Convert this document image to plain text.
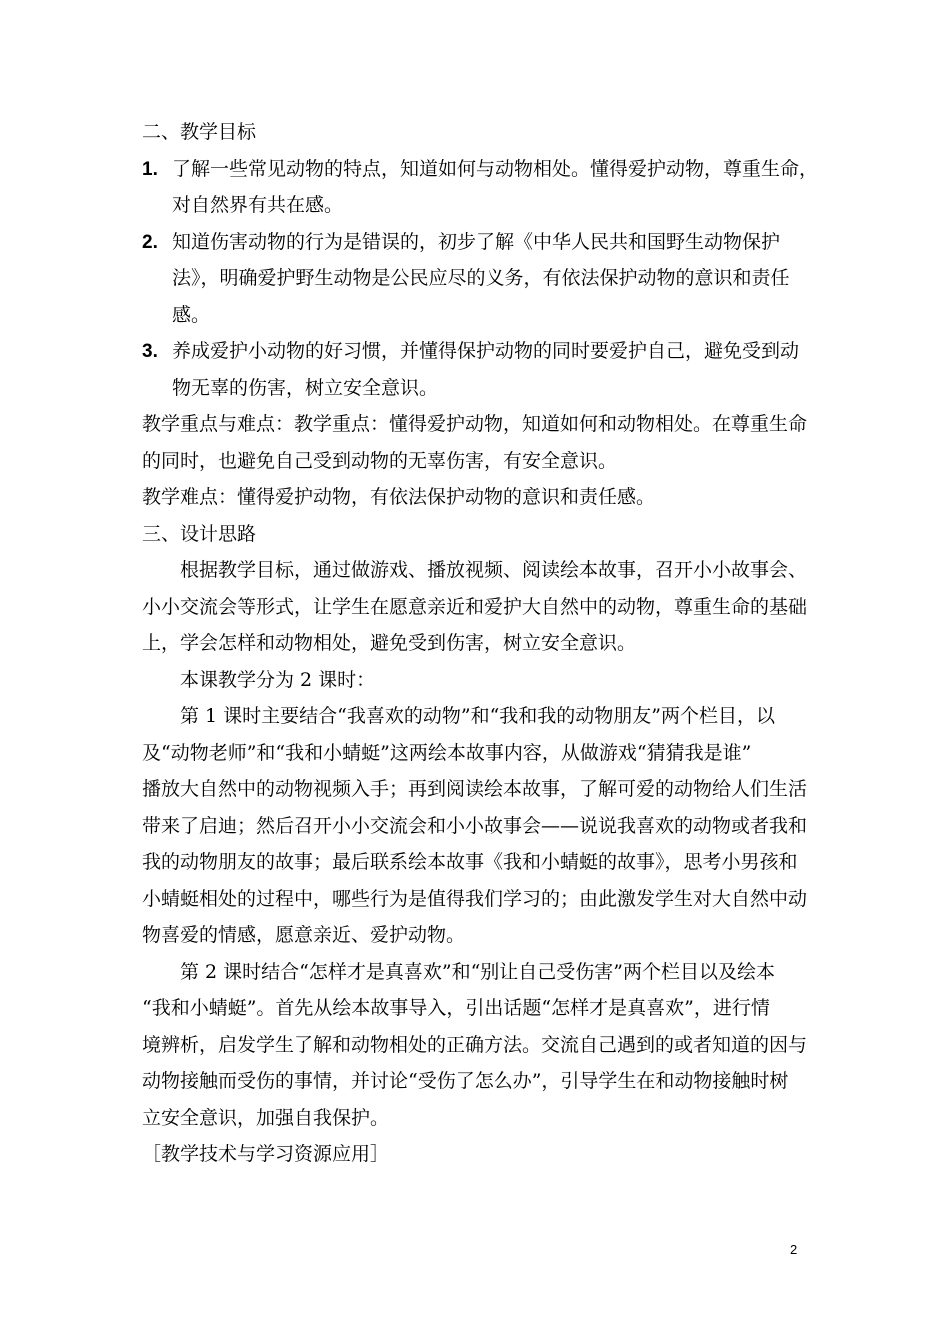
二、教学目标
1. 了解一些常见动物的特点，知道如何与动物相处。懂得爱护动物，尊重生命，
对自然界有共在感。
2. 知道伤害动物的行为是错误的，初步了解《中华人民共和国野生动物保护
法》，明确爱护野生动物是公民应尽的义务，有依法保护动物的意识和责任
感。
3. 养成爱护小动物的好习惯，并懂得保护动物的同时要爱护自己，避免受到动
物无辜的伤害，树立安全意识。
教学重点与难点：教学重点：懂得爱护动物，知道如何和动物相处。在尊重生命
的同时，也避免自己受到动物的无辜伤害，有安全意识。
教学难点：懂得爱护动物，有依法保护动物的意识和责任感。
三、设计思路
根据教学目标，通过做游戏、播放视频、阅读绘本故事，召开小小故事会、
小小交流会等形式，让学生在愿意亲近和爱护大自然中的动物，尊重生命的基础
上，学会怎样和动物相处，避免受到伤害，树立安全意识。
本课教学分为 2 课时：
第 1 课时主要结合“我喜欢的动物”和“我和我的动物朋友”两个栏目，以
及“动物老师”和“我和小蜻蜓”这两绘本故事内容，从做游戏“猜猜我是谁”
播放大自然中的动物视频入手；再到阅读绘本故事，了解可爱的动物给人们生活
带来了启迪；然后召开小小交流会和小小故事会——说说我喜欢的动物或者我和
我的动物朋友的故事；最后联系绘本故事《我和小蜻蜓的故事》，思考小男孩和
小蜻蜓相处的过程中，哪些行为是值得我们学习的；由此激发学生对大自然中动
物喜爱的情感，愿意亲近、爱护动物。
第 2 课时结合“怎样才是真喜欢”和“别让自己受伤害”两个栏目以及绘本
“我和小蜻蜓”。首先从绘本故事导入，引出话题“怎样才是真喜欢”，进行情
境辨析，启发学生了解和动物相处的正确方法。交流自己遇到的或者知道的因与
动物接触而受伤的事情，并讨论“受伤了怎么办”，引导学生在和动物接触时树
立安全意识，加强自我保护。
［教学技术与学习资源应用］
2
